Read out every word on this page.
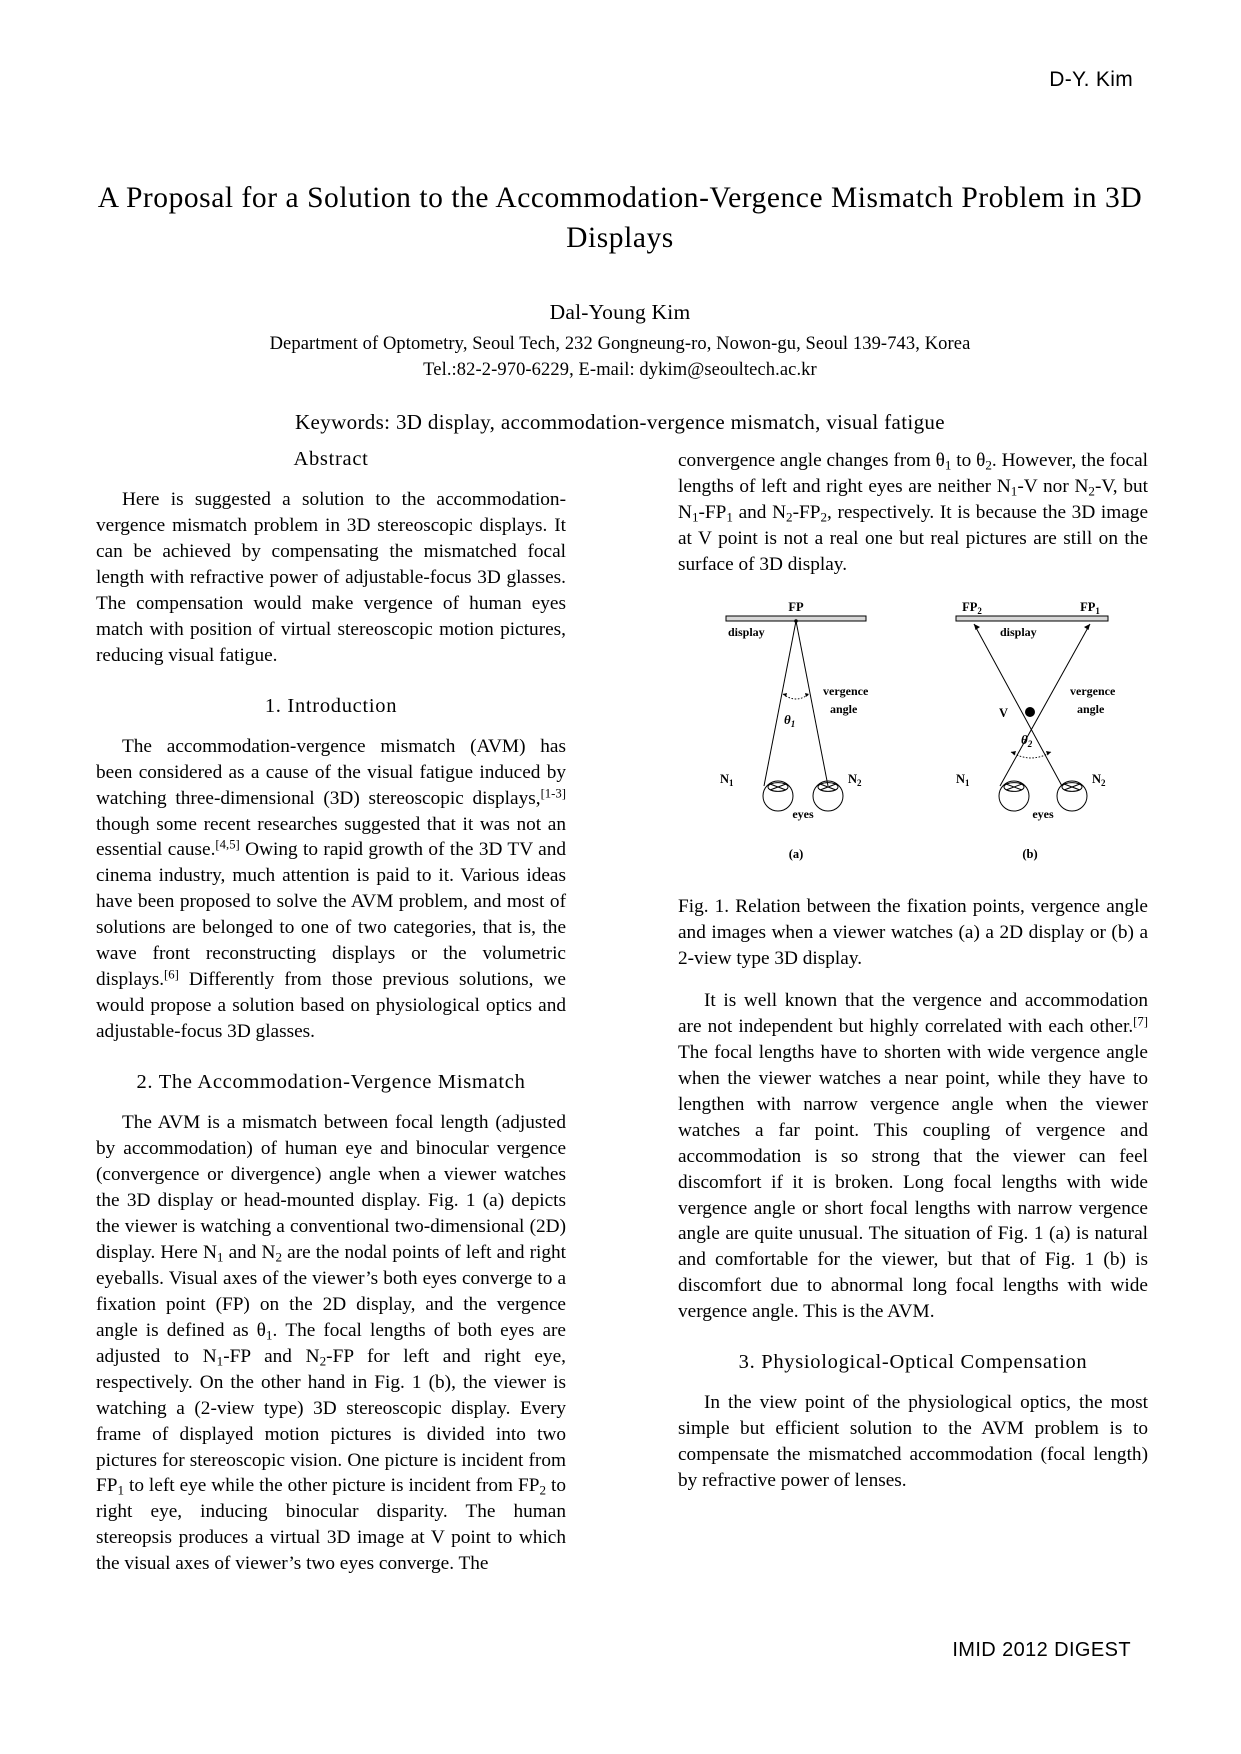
D-Y. Kim
A Proposal for a Solution to the Accommodation-Vergence Mismatch Problem in 3D Displays
Dal-Young Kim
Department of Optometry, Seoul Tech, 232 Gongneung-ro, Nowon-gu, Seoul 139-743, Korea
Tel.:82-2-970-6229, E-mail: dykim@seoultech.ac.kr
Keywords: 3D display, accommodation-vergence mismatch, visual fatigue
Abstract

Here is suggested a solution to the accommodation-vergence mismatch problem in 3D stereoscopic displays. It can be achieved by compensating the mismatched focal length with refractive power of adjustable-focus 3D glasses. The compensation would make vergence of human eyes match with position of virtual stereoscopic motion pictures, reducing visual fatigue.

1. Introduction

The accommodation-vergence mismatch (AVM) has been considered as a cause of the visual fatigue induced by watching three-dimensional (3D) stereoscopic displays,[1-3] though some recent researches suggested that it was not an essential cause.[4,5] Owing to rapid growth of the 3D TV and cinema industry, much attention is paid to it. Various ideas have been proposed to solve the AVM problem, and most of solutions are belonged to one of two categories, that is, the wave front reconstructing displays or the volumetric displays.[6] Differently from those previous solutions, we would propose a solution based on physiological optics and adjustable-focus 3D glasses.

2. The Accommodation-Vergence Mismatch

The AVM is a mismatch between focal length (adjusted by accommodation) of human eye and binocular vergence (convergence or divergence) angle when a viewer watches the 3D display or head-mounted display. Fig. 1 (a) depicts the viewer is watching a conventional two-dimensional (2D) display. Here $N_1$ and $N_2$ are the nodal points of left and right eyeballs. Visual axes of the viewer’s both eyes converge to a fixation point (FP) on the 2D display, and the vergence angle is defined as $\theta_1$. The focal lengths of both eyes are adjusted to $N_1-FP$ and $N_2-FP$ for left and right eye, respectively. On the other hand in Fig. 1 (b), the viewer is watching a (2-view type) 3D stereoscopic display. Every frame of displayed motion pictures is divided into two pictures for stereoscopic vision. One picture is incident from $FP_1$ to left eye while the other picture is incident from $FP_2$ to right eye, inducing binocular disparity. The human stereopsis produces a virtual 3D image at V point to which the visual axes of viewer’s two eyes converge. The

convergence angle changes from $\theta_1$ to $\theta_2$. However, the focal lengths of left and right eyes are neither $N_1-V$ nor $N_2-V$, but $N_1-FP_1$ and $N_2-FP_2$, respectively. It is because the 3D image at V point is not a real one but real pictures are still on the surface of 3D display.

FP
display
vergence
angle
$\theta_1$
$N_1$	$N_2$
eyes
(a)
$FP_2$	$FP_1$
display
vergence
angle
V
$\theta_2$
$N_1$	$N_2$
eyes
(b)
Fig. 1. Relation between the fixation points, vergence angle and images when a viewer watches (a) a 2D display or (b) a 2-view type 3D display.

It is well known that the vergence and accommodation are not independent but highly correlated with each other.[7] The focal lengths have to shorten with wide vergence angle when the viewer watches a near point, while they have to lengthen with narrow vergence angle when the viewer watches a far point. This coupling of vergence and accommodation is so strong that the viewer can feel discomfort if it is broken. Long focal lengths with wide vergence angle or short focal lengths with narrow vergence angle are quite unusual. The situation of Fig. 1 (a) is natural and comfortable for the viewer, but that of Fig. 1 (b) is discomfort due to abnormal long focal lengths with wide vergence angle. This is the AVM.

3. Physiological-Optical Compensation

In the view point of the physiological optics, the most simple but efficient solution to the AVM problem is to compensate the mismatched accommodation (focal length) by refractive power of lenses.

IMID 2012 DIGEST
